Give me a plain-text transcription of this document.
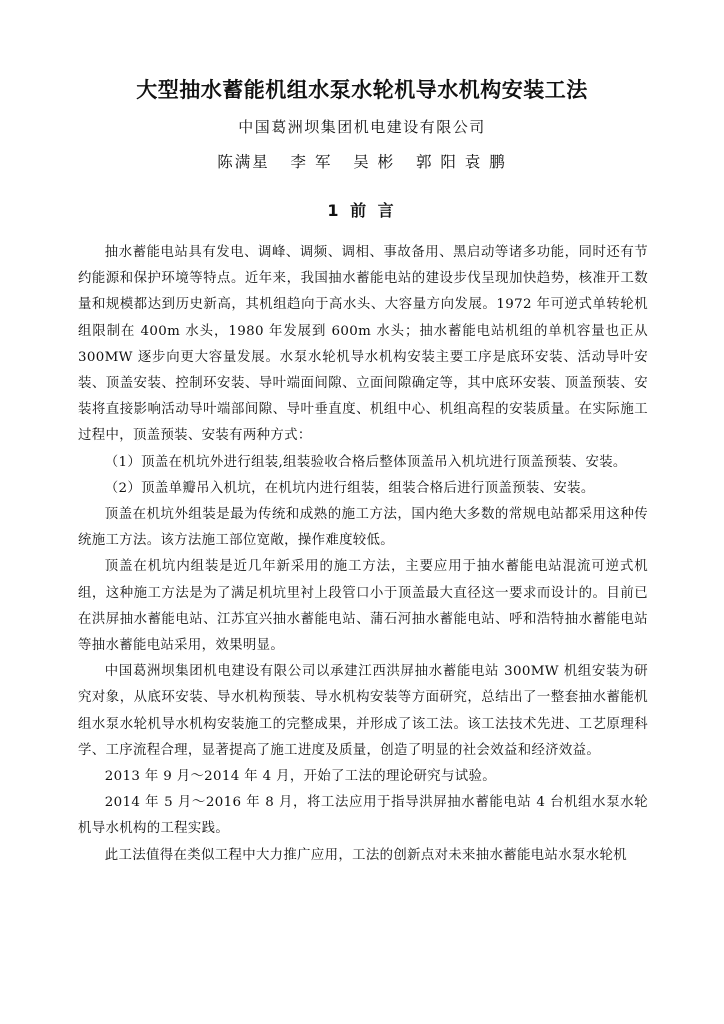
大型抽水蓄能机组水泵水轮机导水机构安装工法
中国葛洲坝集团机电建设有限公司
陈满星   李 军   吴 彬   郭 阳 袁 鹏
1 前 言

抽水蓄能电站具有发电、调峰、调频、调相、事故备用、黑启动等诸多功能，同时还有节约能源和保护环境等特点。近年来，我国抽水蓄能电站的建设步伐呈现加快趋势，核准开工数量和规模都达到历史新高，其机组趋向于高水头、大容量方向发展。1972 年可逆式单转轮机组限制在 400m 水头，1980 年发展到 600m 水头；抽水蓄能电站机组的单机容量也正从 300MW 逐步向更大容量发展。水泵水轮机导水机构安装主要工序是底环安装、活动导叶安装、顶盖安装、控制环安装、导叶端面间隙、立面间隙确定等，其中底环安装、顶盖预装、安装将直接影响活动导叶端部间隙、导叶垂直度、机组中心、机组高程的安装质量。在实际施工过程中，顶盖预装、安装有两种方式：

（1）顶盖在机坑外进行组装,组装验收合格后整体顶盖吊入机坑进行顶盖预装、安装。

（2）顶盖单瓣吊入机坑，在机坑内进行组装，组装合格后进行顶盖预装、安装。

顶盖在机坑外组装是最为传统和成熟的施工方法，国内绝大多数的常规电站都采用这种传统施工方法。该方法施工部位宽敞，操作难度较低。

顶盖在机坑内组装是近几年新采用的施工方法，主要应用于抽水蓄能电站混流可逆式机组，这种施工方法是为了满足机坑里衬上段管口小于顶盖最大直径这一要求而设计的。目前已在洪屏抽水蓄能电站、江苏宜兴抽水蓄能电站、蒲石河抽水蓄能电站、呼和浩特抽水蓄能电站等抽水蓄能电站采用，效果明显。

中国葛洲坝集团机电建设有限公司以承建江西洪屏抽水蓄能电站 300MW 机组安装为研究对象，从底环安装、导水机构预装、导水机构安装等方面研究，总结出了一整套抽水蓄能机组水泵水轮机导水机构安装施工的完整成果，并形成了该工法。该工法技术先进、工艺原理科学、工序流程合理，显著提高了施工进度及质量，创造了明显的社会效益和经济效益。

2013 年 9 月～2014 年 4 月，开始了工法的理论研究与试验。

2014 年 5 月～2016 年 8 月，将工法应用于指导洪屏抽水蓄能电站 4 台机组水泵水轮机导水机构的工程实践。

此工法值得在类似工程中大力推广应用，工法的创新点对未来抽水蓄能电站水泵水轮机
